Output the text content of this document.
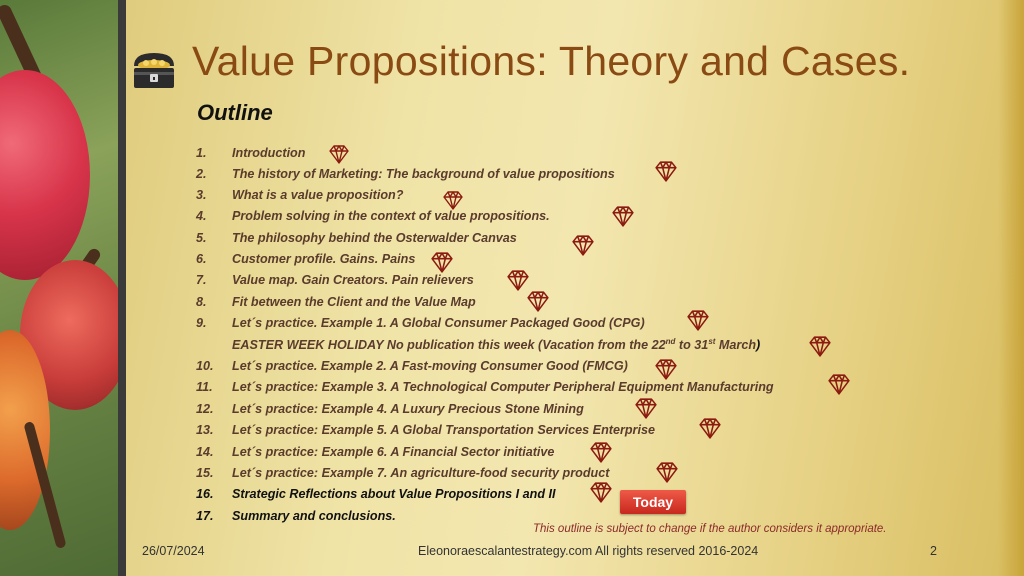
Value Propositions: Theory and Cases.
Outline
1.	Introduction
2.	The history of Marketing: The background of value propositions
3.	What is a value proposition?
4.	Problem solving in the context of value propositions.
5.	The philosophy behind the Osterwalder Canvas
6.	Customer profile. Gains. Pains
7.	Value map. Gain Creators. Pain relievers
8.	Fit between the Client and the Value Map
9.	Let´s practice. Example 1. A Global Consumer Packaged Good (CPG)
EASTER WEEK HOLIDAY No publication this week (Vacation from the 22nd to 31st March)
10.	Let´s practice. Example 2. A Fast-moving Consumer Good (FMCG)
11.	Let´s practice: Example 3. A Technological Computer Peripheral Equipment Manufacturing
12.	Let´s practice: Example 4. A Luxury Precious Stone Mining
13.	Let´s practice: Example 5. A Global Transportation Services Enterprise
14.	Let´s practice: Example 6. A Financial Sector initiative
15.	Let´s practice: Example 7. An agriculture-food security product
16.	Strategic Reflections about Value Propositions I and II
17.	Summary and conclusions.
Today
This outline is subject to change if the author considers it appropriate.
26/07/2024	Eleonoraescalantestrategy.com All rights reserved 2016-2024	2
